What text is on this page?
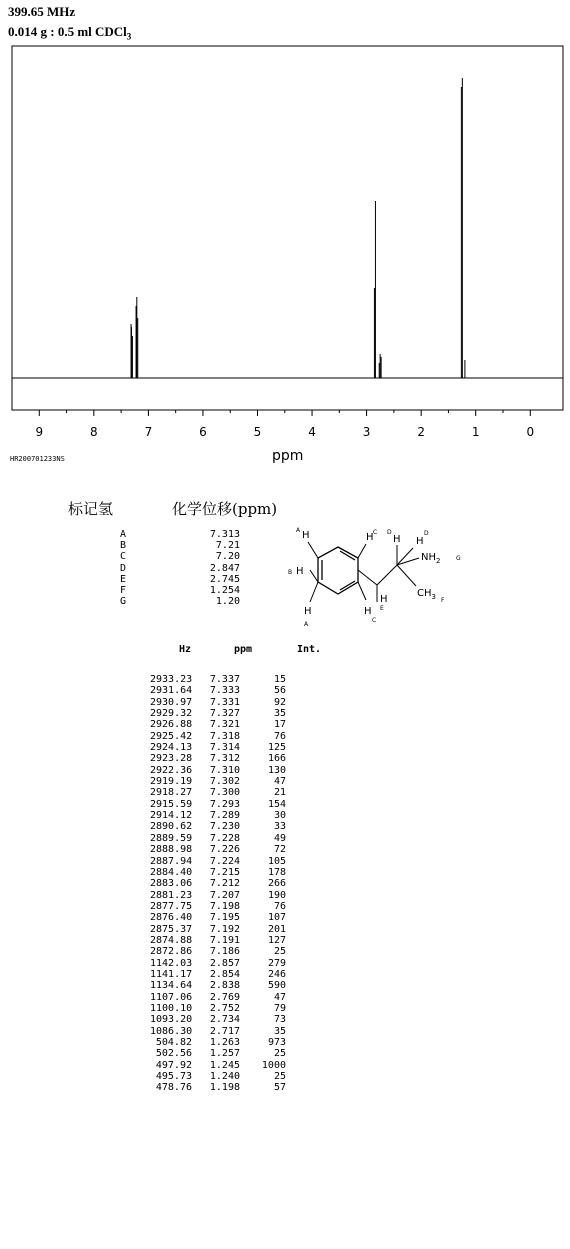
399.65 MHz
0.014 g : 0.5 ml CDCl$_3$
9	8	7	6	5	4	3	2	1	0
HR200701233NS	ppm
标记氢	化学位移(ppm)
A	7.313
B	7.21
C	7.20
D	2.847
E	2.745
F	1.254
G	1.20
H
A
H C
H
B
H
A
H
C
H
E
H
D
H
D
$NH_2$	G
$CH_3$ F
Hz	ppm	Int.
2933.23	7.337	15
2931.64	7.333	56
2930.97	7.331	92
2929.32	7.327	35
2926.88	7.321	17
2925.42	7.318	76
2924.13	7.314	125
2923.28	7.312	166
2922.36	7.310	130
2919.19	7.302	47
2918.27	7.300	21
2915.59	7.293	154
2914.12	7.289	30
2890.62	7.230	33
2889.59	7.228	49
2888.98	7.226	72
2887.94	7.224	105
2884.40	7.215	178
2883.06	7.212	266
2881.23	7.207	190
2877.75	7.198	76
2876.40	7.195	107
2875.37	7.192	201
2874.88	7.191	127
2872.86	7.186	25
1142.03	2.857	279
1141.17	2.854	246
1134.64	2.838	590
1107.06	2.769	47
1100.10	2.752	79
1093.20	2.734	73
1086.30	2.717	35
504.82	1.263	973
502.56	1.257	25
497.92	1.245	1000
495.73	1.240	25
478.76	1.198	57
